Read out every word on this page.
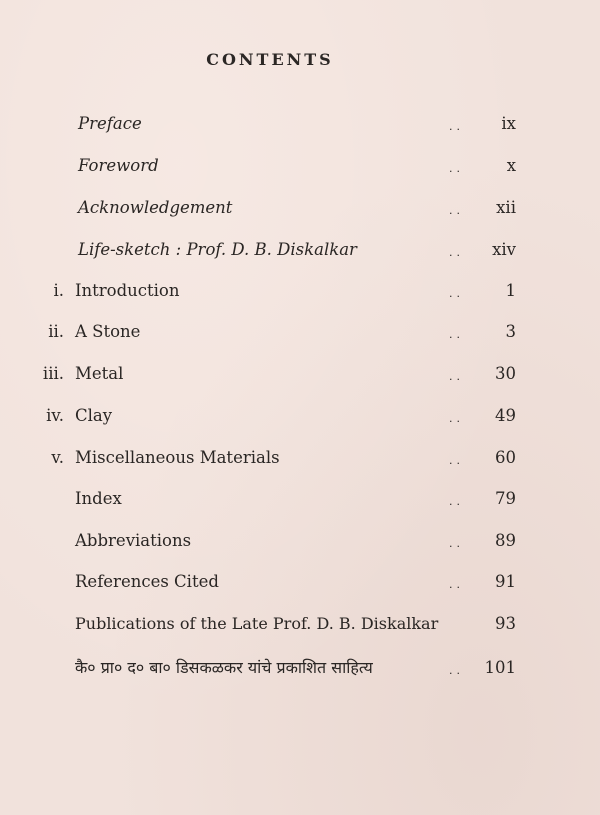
CONTENTS
Preface	.. ix
Foreword	..	x
Acknowledgement	.. xii
Life-sketch : Prof. D. B. Diskalkar	.. xiv
i. Introduction	..	1
ii. A Stone	..	3
iii. Metal	.. 30
iv. Clay	.. 49
v. Miscellaneous Materials	.. 60
Index	.. 79
Abbreviations	.. 89
References Cited	.. 91
Publications of the Late Prof. D. B. Diskalkar	93
कै० प्रा० द० बा० डिसकळकर यांचे प्रकाशित साहित्य	.. 101
